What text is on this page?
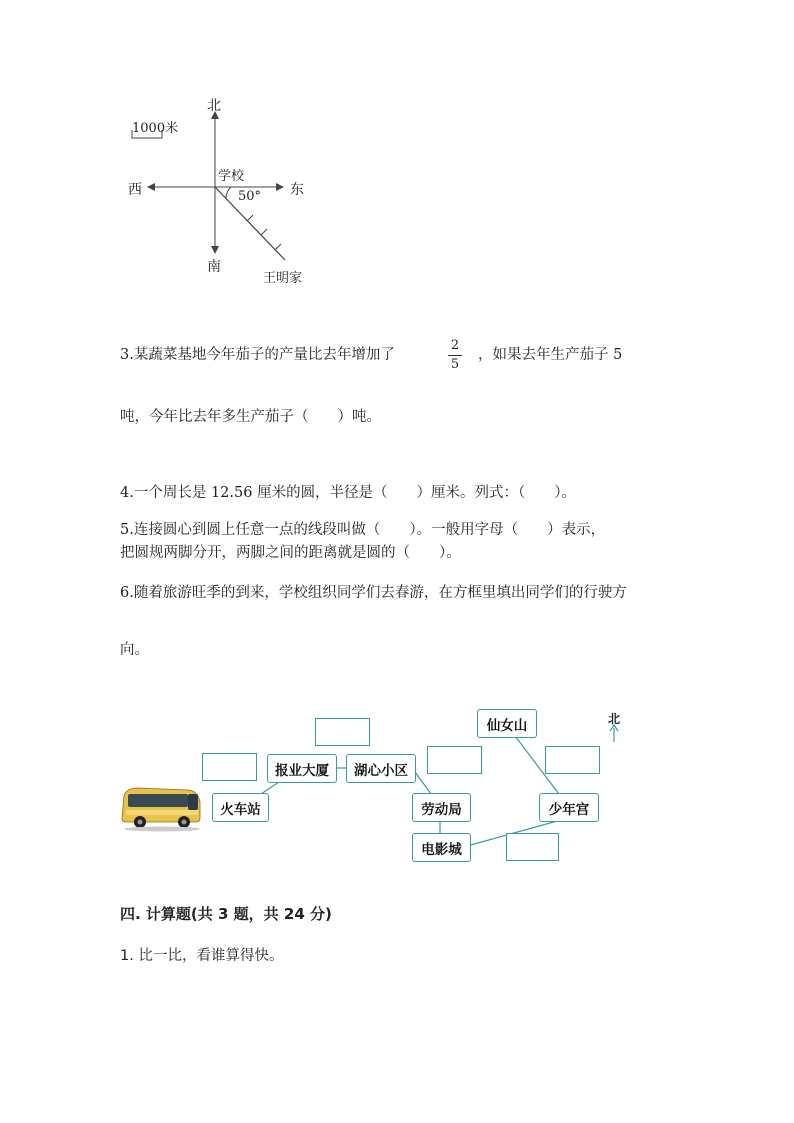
北
南
西	东
学校
50°
王明家
1000米
3.某蔬菜基地今年茄子的产量比去年增加了
2
5
，如果去年生产茄子 5
吨，今年比去年多生产茄子（　　）吨。
4.一个周长是 12.56 厘米的圆，半径是（　　）厘米。列式：（　　）。
5.连接圆心到圆上任意一点的线段叫做（　　）。一般用字母（　　）表示，
把圆规两脚分开，两脚之间的距离就是圆的（　　）。
6.随着旅游旺季的到来，学校组织同学们去春游，在方框里填出同学们的行驶方
向。
北
火车站
报业大厦	湖心小区
劳动局
电影城
仙女山
少年宫
四. 计算题(共 3 题，共 24 分)
1. 比一比，看谁算得快。
